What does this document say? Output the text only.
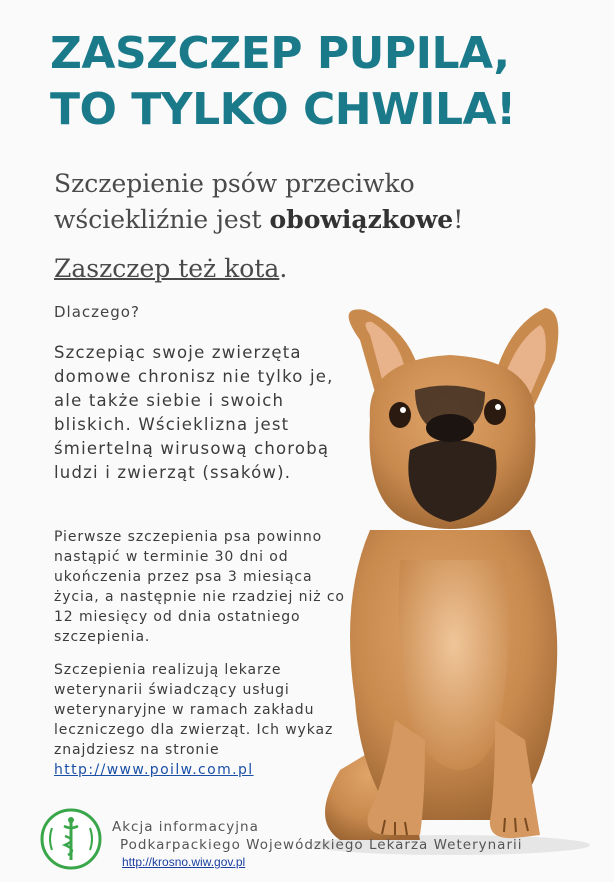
ZASZCZEP PUPILA,
TO TYLKO CHWILA!

Szczepienie psów przeciwko
wściekliźnie jest obowiązkowe!

Zaszczep też kota.

Dlaczego?

Szczepiąc swoje zwierzęta domowe chronisz nie tylko je, ale także siebie i swoich bliskich. Wścieklizna jest śmiertelną wirusową chorobą ludzi i zwierząt (ssaków).
Pierwsze szczepienia psa powinno nastąpić w terminie 30 dni od ukończenia przez psa 3 miesiąca życia, a następnie nie rzadziej niż co 12 miesięcy od dnia ostatniego szczepienia.
Szczepienia realizują lekarze weterynarii świadczący usługi weterynaryjne w ramach zakładu leczniczego dla zwierząt. Ich wykaz znajdziesz na stronie
http://www.poilw.com.pl
Akcja informacyjna
Podkarpackiego Wojewódzkiego Lekarza Weterynarii
http://krosno.wiw.gov.pl
